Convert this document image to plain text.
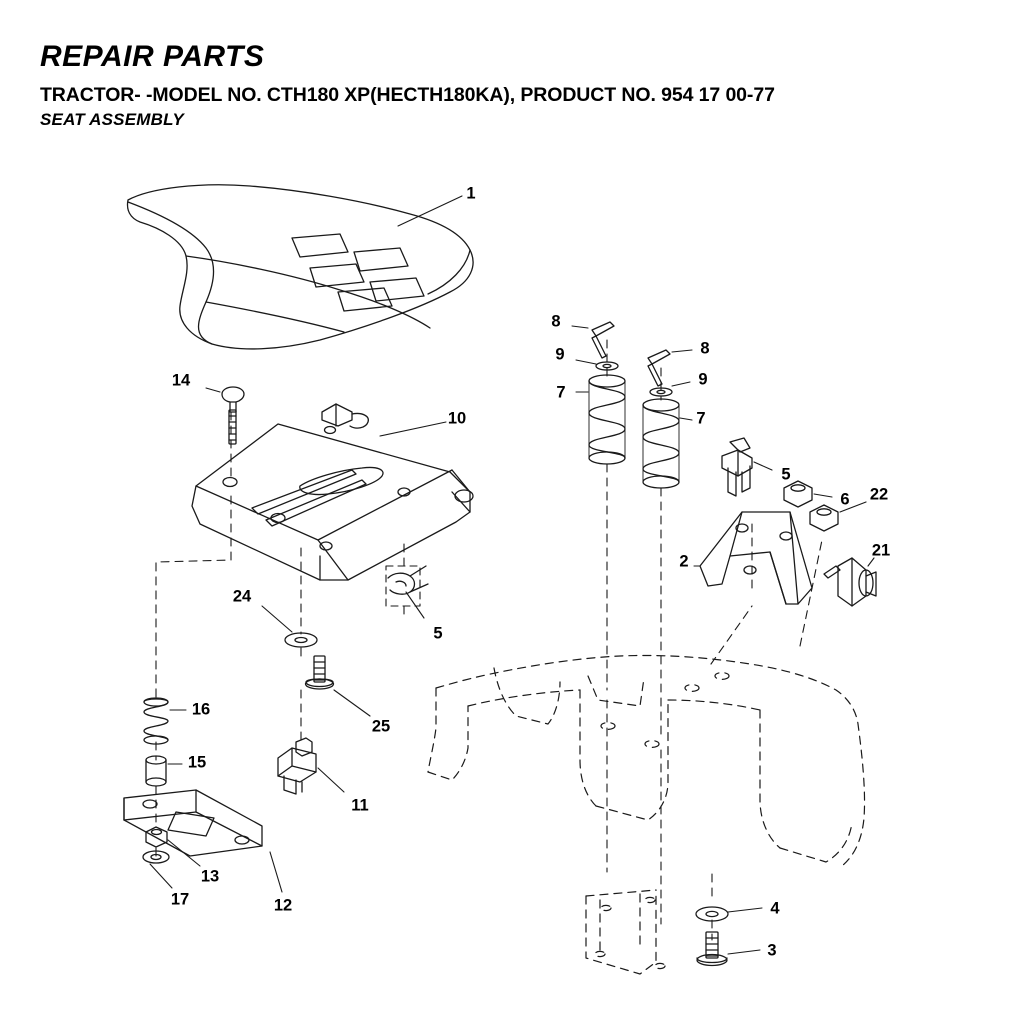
REPAIR PARTS
TRACTOR- -MODEL NO. CTH180 XP(HECTH180KA), PRODUCT NO. 954 17 00-77
SEAT ASSEMBLY
1
8
9	8
9
7
7
14
10
5
6 22
2
21
24
5
16
25
15
11
13
17	12	4
3
